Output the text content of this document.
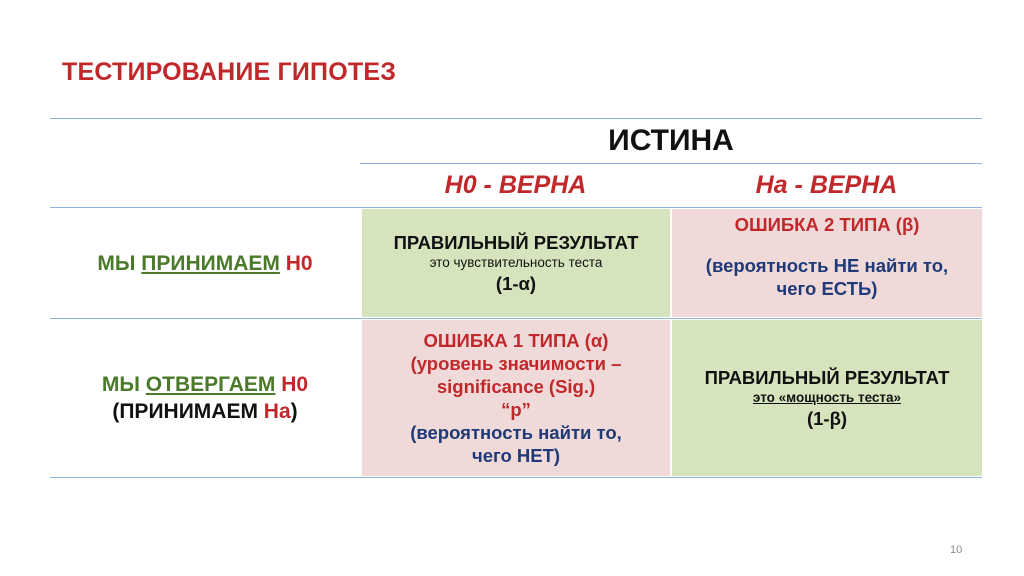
ТЕСТИРОВАНИЕ ГИПОТЕЗ
ИСТИНА
H0 - ВЕРНА	Ha - ВЕРНА
МЫ ПРИНИМАЕМ H0
ПРАВИЛЬНЫЙ РЕЗУЛЬТАТ
это чувствительность теста
(1-α)
ОШИБКА 2 ТИПА (β)
(вероятность НЕ найти то,
чего ЕСТЬ)
МЫ ОТВЕРГАЕМ H0
(ПРИНИМАЕМ Ha)
ОШИБКА 1 ТИПА (α)
(уровень значимости –
significance (Sig.)
“p”
(вероятность найти то,
чего НЕТ)
ПРАВИЛЬНЫЙ РЕЗУЛЬТАТ
это «мощность теста»
(1-β)
10
